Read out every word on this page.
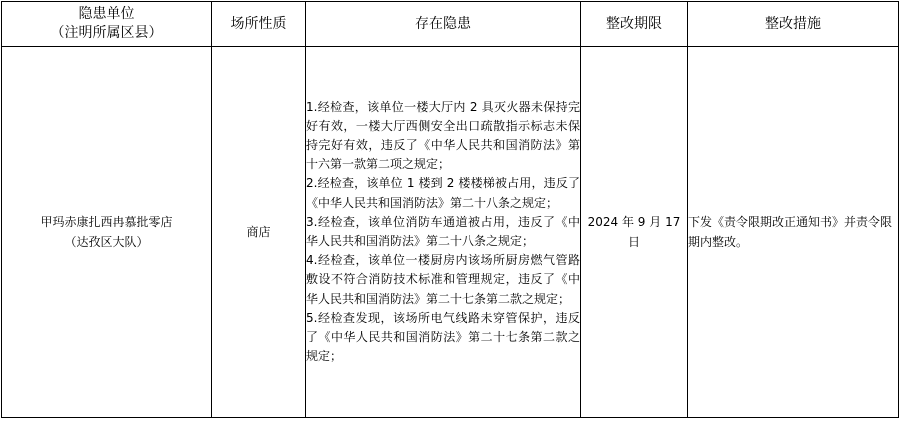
隐患单位
（注明所属区县）	场所性质	存在隐患	整改期限	整改措施

甲玛赤康扎西冉慕批零店
（达孜区大队）	商店	1.经检查，该单位一楼大厅内 2 具灭火器未保持完好有效，一楼大厅西侧安全出口疏散指示标志未保持完好有效，违反了《中华人民共和国消防法》第十六第一款第二项之规定；
2.经检查，该单位 1 楼到 2 楼楼梯被占用，违反了《中华人民共和国消防法》第二十八条之规定；
3.经检查，该单位消防车通道被占用，违反了《中华人民共和国消防法》第二十八条之规定；
4.经检查，该单位一楼厨房内该场所厨房燃气管路敷设不符合消防技术标准和管理规定，违反了《中华人民共和国消防法》第二十七条第二款之规定；
5.经检查发现，该场所电气线路未穿管保护，违反了《中华人民共和国消防法》第二十七条第二款之规定；	2024 年 9 月 17 日	下发《责令限期改正通知书》并责令限期内整改。
